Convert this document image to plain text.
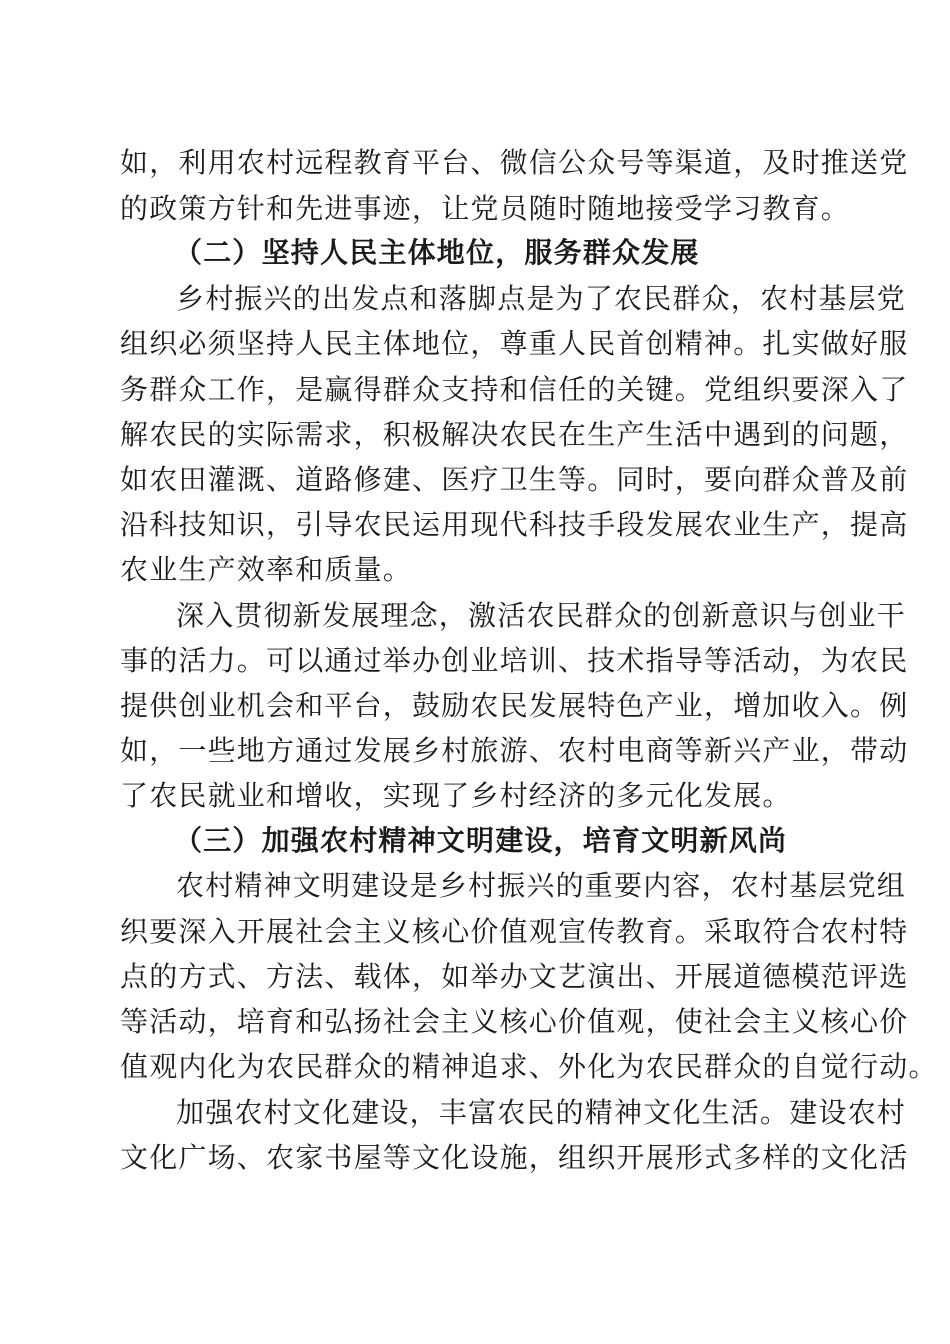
如，利用农村远程教育平台、微信公众号等渠道，及时推送党
的政策方针和先进事迹，让党员随时随地接受学习教育。
（二）坚持人民主体地位，服务群众发展
乡村振兴的出发点和落脚点是为了农民群众，农村基层党
组织必须坚持人民主体地位，尊重人民首创精神。扎实做好服
务群众工作，是赢得群众支持和信任的关键。党组织要深入了
解农民的实际需求，积极解决农民在生产生活中遇到的问题，
如农田灌溉、道路修建、医疗卫生等。同时，要向群众普及前
沿科技知识，引导农民运用现代科技手段发展农业生产，提高
农业生产效率和质量。
深入贯彻新发展理念，激活农民群众的创新意识与创业干
事的活力。可以通过举办创业培训、技术指导等活动，为农民
提供创业机会和平台，鼓励农民发展特色产业，增加收入。例
如，一些地方通过发展乡村旅游、农村电商等新兴产业，带动
了农民就业和增收，实现了乡村经济的多元化发展。
（三）加强农村精神文明建设，培育文明新风尚
农村精神文明建设是乡村振兴的重要内容，农村基层党组
织要深入开展社会主义核心价值观宣传教育。采取符合农村特
点的方式、方法、载体，如举办文艺演出、开展道德模范评选
等活动，培育和弘扬社会主义核心价值观，使社会主义核心价
值观内化为农民群众的精神追求、外化为农民群众的自觉行动。
加强农村文化建设，丰富农民的精神文化生活。建设农村
文化广场、农家书屋等文化设施，组织开展形式多样的文化活
